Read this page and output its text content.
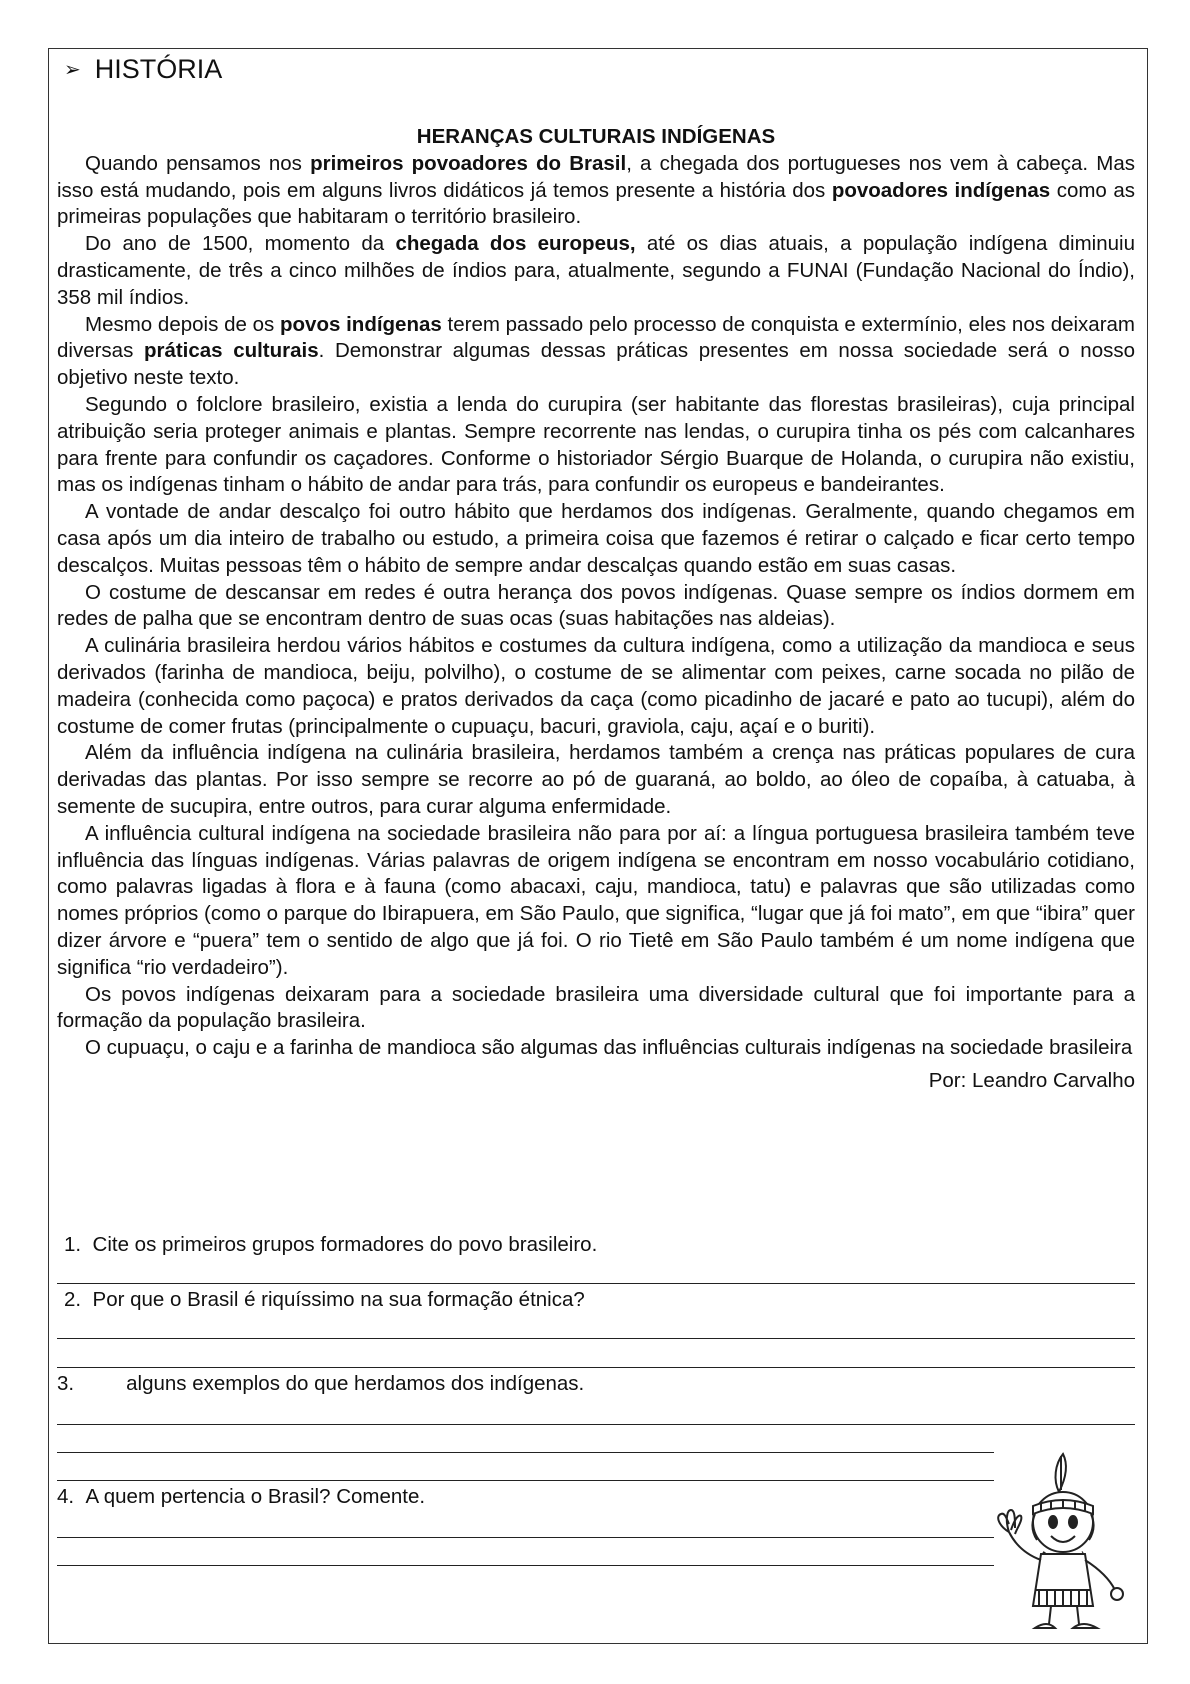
➢ HISTÓRIA
HERANÇAS CULTURAIS INDÍGENAS

Quando pensamos nos primeiros povoadores do Brasil, a chegada dos portugueses nos vem à cabeça. Mas isso está mudando, pois em alguns livros didáticos já temos presente a história dos povoadores indígenas como as primeiras populações que habitaram o território brasileiro.

Do ano de 1500, momento da chegada dos europeus, até os dias atuais, a população indígena diminuiu drasticamente, de três a cinco milhões de índios para, atualmente, segundo a FUNAI (Fundação Nacional do Índio), 358 mil índios.

Mesmo depois de os povos indígenas terem passado pelo processo de conquista e extermínio, eles nos deixaram diversas práticas culturais. Demonstrar algumas dessas práticas presentes em nossa sociedade será o nosso objetivo neste texto.

Segundo o folclore brasileiro, existia a lenda do curupira (ser habitante das florestas brasileiras), cuja principal atribuição seria proteger animais e plantas. Sempre recorrente nas lendas, o curupira tinha os pés com calcanhares para frente para confundir os caçadores. Conforme o historiador Sérgio Buarque de Holanda, o curupira não existiu, mas os indígenas tinham o hábito de andar para trás, para confundir os europeus e bandeirantes.

A vontade de andar descalço foi outro hábito que herdamos dos indígenas. Geralmente, quando chegamos em casa após um dia inteiro de trabalho ou estudo, a primeira coisa que fazemos é retirar o calçado e ficar certo tempo descalços. Muitas pessoas têm o hábito de sempre andar descalças quando estão em suas casas.

O costume de descansar em redes é outra herança dos povos indígenas. Quase sempre os índios dormem em redes de palha que se encontram dentro de suas ocas (suas habitações nas aldeias).

A culinária brasileira herdou vários hábitos e costumes da cultura indígena, como a utilização da mandioca e seus derivados (farinha de mandioca, beiju, polvilho), o costume de se alimentar com peixes, carne socada no pilão de madeira (conhecida como paçoca) e pratos derivados da caça (como picadinho de jacaré e pato ao tucupi), além do costume de comer frutas (principalmente o cupuaçu, bacuri, graviola, caju, açaí e o buriti).

Além da influência indígena na culinária brasileira, herdamos também a crença nas práticas populares de cura derivadas das plantas. Por isso sempre se recorre ao pó de guaraná, ao boldo, ao óleo de copaíba, à catuaba, à semente de sucupira, entre outros, para curar alguma enfermidade.

A influência cultural indígena na sociedade brasileira não para por aí: a língua portuguesa brasileira também teve influência das línguas indígenas. Várias palavras de origem indígena se encontram em nosso vocabulário cotidiano, como palavras ligadas à flora e à fauna (como abacaxi, caju, mandioca, tatu) e palavras que são utilizadas como nomes próprios (como o parque do Ibirapuera, em São Paulo, que significa, “lugar que já foi mato”, em que “ibira” quer dizer árvore e “puera” tem o sentido de algo que já foi. O rio Tietê em São Paulo também é um nome indígena que significa “rio verdadeiro”).

Os povos indígenas deixaram para a sociedade brasileira uma diversidade cultural que foi importante para a formação da população brasileira.

O cupuaçu, o caju e a farinha de mandioca são algumas das influências culturais indígenas na sociedade brasileira

Por: Leandro Carvalho
1. Cite os primeiros grupos formadores do povo brasileiro.
2. Por que o Brasil é riquíssimo na sua formação étnica?
3.	alguns exemplos do que herdamos dos indígenas.
4. A quem pertencia o Brasil? Comente.
